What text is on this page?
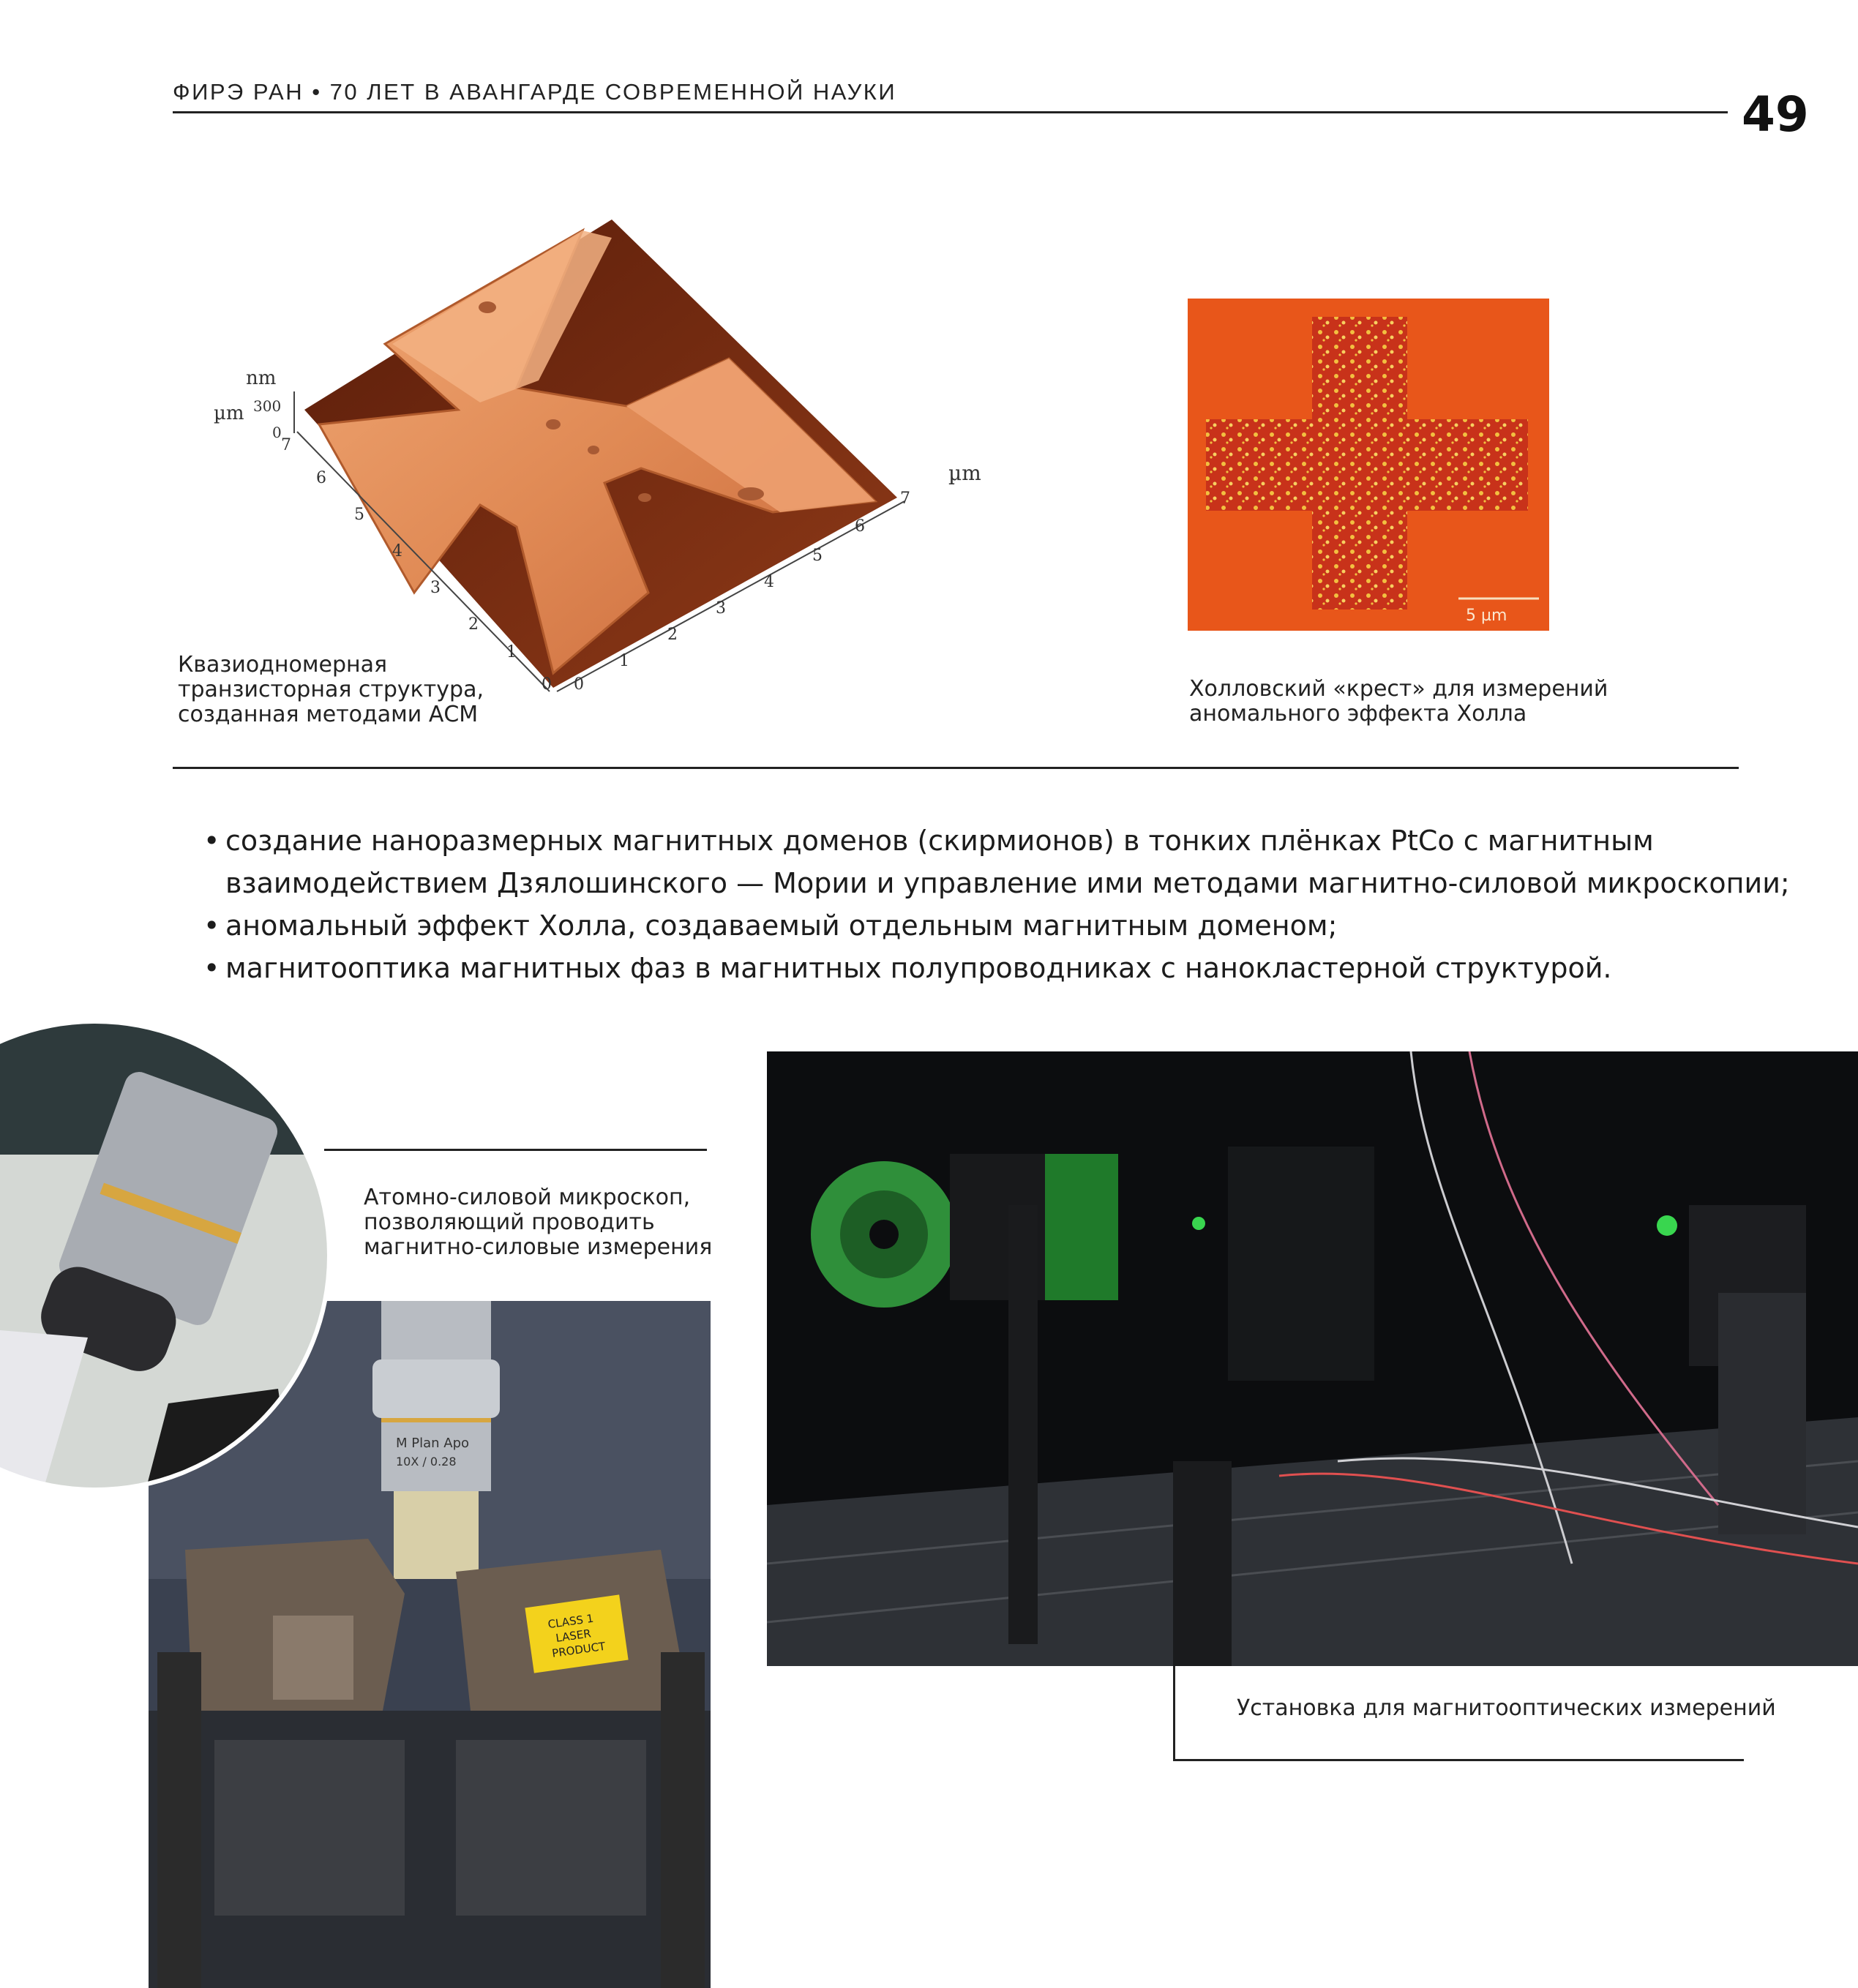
ФИРЭ РАН • 70 ЛЕТ В АВАНГАРДЕ СОВРЕМЕННОЙ НАУКИ	49
nm
µm 300
0
7
6
5
4
3
2
1
0 0
1
2
3
4
5
6
7
µm
Квазиодномерная
транзисторная структура,
созданная методами АСМ
5 µm
Холловский «крест» для измерений
аномального эффекта Холла
• создание наноразмерных магнитных доменов (скирмионов) в тонких плёнках PtCo с магнитным
взаимодействием Дзялошинского — Мории и управление ими методами магнитно-силовой микроскопии;
• аномальный эффект Холла, создаваемый отдельным магнитным доменом;
• магнитооптика магнитных фаз в магнитных полупроводниках с нанокластерной структурой.
M Plan Apo
10X / 0.28
CLASS 1
LASER
PRODUCT
Атомно-силовой микроскоп,
позволяющий проводить
магнитно-силовые измерения
Установка для магнитооптических измерений
